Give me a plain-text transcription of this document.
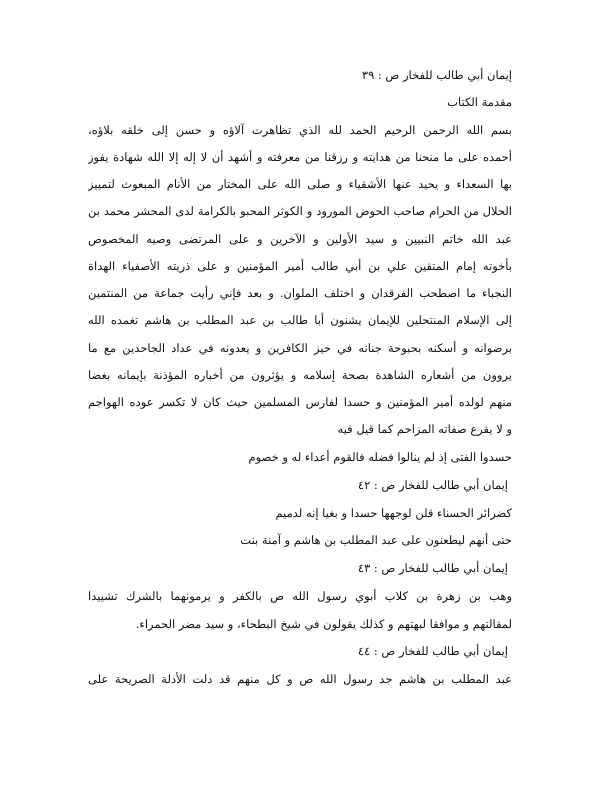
إيمان أبي طالب للفخار ص : ٣٩
مقدمة الكتاب
بسم الله الرحمن الرحيم الحمد لله الذي تظاهرت آلاؤه و حسن إلى خلقه بلاؤه،
أحمده على ما منحنا من هدايته و رزقنا من معرفته و أشهد أن لا إله إلا الله شهادة يفوز
بها السعداء و يحيد عنها الأشقياء و صلى الله على المختار من الأنام المبعوث لتمييز
الحلال من الحرام صاحب الحوض المورود و الكوثر المحبو بالكرامة لدى المحشر محمد بن
عبد الله خاتم النبيين و سيد الأولين و الآخرين و على المرتضى وصيه المخصوص
بأخوته إمام المتقين علي بن أبي طالب أمير المؤمنين و على ذريته الأصفياء الهداة
النجباء ما اصطحب الفرقدان و اختلف الملوان. و بعد فإني رأيت جماعة من المنتمين
إلى الإسلام المنتحلين للإيمان يشنون أبا طالب بن عبد المطلب بن هاشم تغمده الله
برضوانه و أسكنه بحبوحة جنانه في حيز الكافرين و يعدونه في عداد الجاحدين مع ما
يروون من أشعاره الشاهدة بصحة إسلامه و يؤثرون من أخباره المؤذنة بإيمانه بغضا
منهم لولده أمير المؤمنين و حسدا لفارس المسلمين حيث كان لا تكسر عوده الهواجم
و لا يقرع صفاته المزاحم كما قيل فيه
حسدوا الفتى إذ لم ينالوا فضله فالقوم أعداء له و خصوم
إيمان أبي طالب للفخار ص : ٤٢
كضرائر الحسناء قلن لوجهها حسدا و بغيا إنه لدميم
حتى أنهم ليطعنون على عبد المطلب بن هاشم و آمنة بنت
إيمان أبي طالب للفخار ص : ٤٣
وهب بن زهرة بن كلاب أبوي رسول الله ص بالكفر و يرمونهما بالشرك تشييدا
لمقالتهم و موافقا لبهتهم و كذلك يقولون في شيخ البطحاء، و سيد مضر الحمراء.
إيمان أبي طالب للفخار ص : ٤٤
عبد المطلب بن هاشم جد رسول الله ص و كل منهم قد دلت الأدلة الصريحة على
